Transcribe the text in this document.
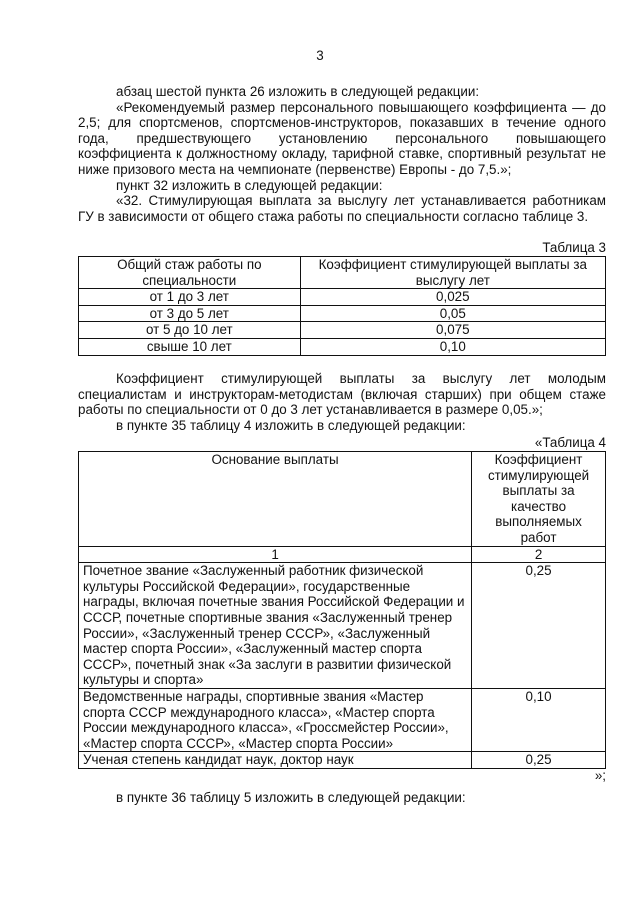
3

абзац шестой пункта 26 изложить в следующей редакции:

«Рекомендуемый размер персонального повышающего коэффициента — до 2,5; для спортсменов, спортсменов-инструкторов, показавших в течение одного года, предшествующего установлению персонального повышающего коэффициента к должностному окладу, тарифной ставке, спортивный результат не ниже призового места на чемпионате (первенстве) Европы - до 7,5.»;

пункт 32 изложить в следующей редакции:

«32. Стимулирующая выплата за выслугу лет устанавливается работникам ГУ в зависимости от общего стажа работы по специальности согласно таблице 3.

Таблица 3
Общий стаж работы по специальности	Коэффициент стимулирующей выплаты за выслугу лет
от 1 до 3 лет	0,025
от 3 до 5 лет	0,05
от 5 до 10 лет	0,075
свыше 10 лет	0,10

Коэффициент стимулирующей выплаты за выслугу лет молодым специалистам и инструкторам-методистам (включая старших) при общем стаже работы по специальности от 0 до 3 лет устанавливается в размере 0,05.»;

в пункте 35 таблицу 4 изложить в следующей редакции:

«Таблица 4
Основание выплаты	Коэффициент стимулирующей выплаты за качество выполняемых работ
1	2
Почетное звание «Заслуженный работник физической культуры Российской Федерации», государственные награды, включая почетные звания Российской Федерации и СССР, почетные спортивные звания «Заслуженный тренер России», «Заслуженный тренер СССР», «Заслуженный мастер спорта России», «Заслуженный мастер спорта СССР», почетный знак «За заслуги в развитии физической культуры и спорта»	0,25
Ведомственные награды, спортивные звания «Мастер спорта СССР международного класса», «Мастер спорта России международного класса», «Гроссмейстер России», «Мастер спорта СССР», «Мастер спорта России»	0,10
Ученая степень кандидат наук, доктор наук	0,25
»;

в пункте 36 таблицу 5 изложить в следующей редакции:
